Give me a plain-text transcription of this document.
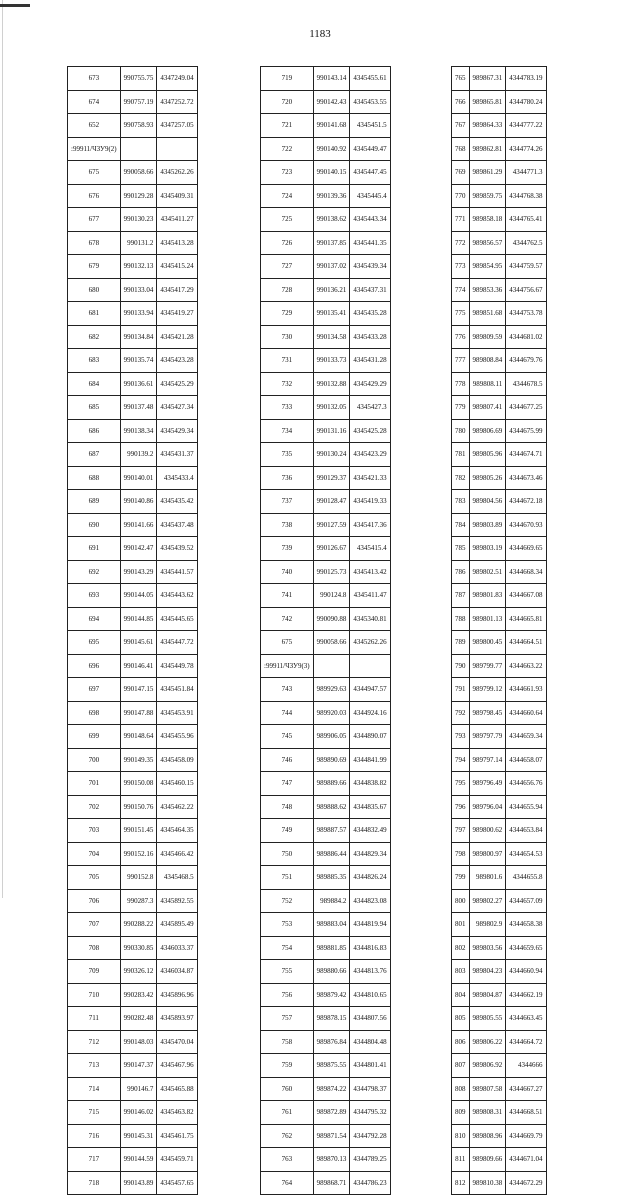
1183
673	990755.75	4347249.04
674	990757.19	4347252.72
652	990758.93	4347257.05
:99911/ЧЗУ9(2)		
675	990058.66	4345262.26
676	990129.28	4345409.31
677	990130.23	4345411.27
678	990131.2	4345413.28
679	990132.13	4345415.24
680	990133.04	4345417.29
681	990133.94	4345419.27
682	990134.84	4345421.28
683	990135.74	4345423.28
684	990136.61	4345425.29
685	990137.48	4345427.34
686	990138.34	4345429.34
687	990139.2	4345431.37
688	990140.01	4345433.4
689	990140.86	4345435.42
690	990141.66	4345437.48
691	990142.47	4345439.52
692	990143.29	4345441.57
693	990144.05	4345443.62
694	990144.85	4345445.65
695	990145.61	4345447.72
696	990146.41	4345449.78
697	990147.15	4345451.84
698	990147.88	4345453.91
699	990148.64	4345455.96
700	990149.35	4345458.09
701	990150.08	4345460.15
702	990150.76	4345462.22
703	990151.45	4345464.35
704	990152.16	4345466.42
705	990152.8	4345468.5
706	990287.3	4345892.55
707	990288.22	4345895.49
708	990330.85	4346033.37
709	990326.12	4346034.87
710	990283.42	4345896.96
711	990282.48	4345893.97
712	990148.03	4345470.04
713	990147.37	4345467.96
714	990146.7	4345465.88
715	990146.02	4345463.82
716	990145.31	4345461.75
717	990144.59	4345459.71
718	990143.89	4345457.65
719	990143.14	4345455.61
720	990142.43	4345453.55
721	990141.68	4345451.5
722	990140.92	4345449.47
723	990140.15	4345447.45
724	990139.36	4345445.4
725	990138.62	4345443.34
726	990137.85	4345441.35
727	990137.02	4345439.34
728	990136.21	4345437.31
729	990135.41	4345435.28
730	990134.58	4345433.28
731	990133.73	4345431.28
732	990132.88	4345429.29
733	990132.05	4345427.3
734	990131.16	4345425.28
735	990130.24	4345423.29
736	990129.37	4345421.33
737	990128.47	4345419.33
738	990127.59	4345417.36
739	990126.67	4345415.4
740	990125.73	4345413.42
741	990124.8	4345411.47
742	990090.88	4345340.81
675	990058.66	4345262.26
:99911/ЧЗУ9(3)		
743	989929.63	4344947.57
744	989920.03	4344924.16
745	989906.05	4344890.07
746	989890.69	4344841.99
747	989889.66	4344838.82
748	989888.62	4344835.67
749	989887.57	4344832.49
750	989886.44	4344829.34
751	989885.35	4344826.24
752	989884.2	4344823.08
753	989883.04	4344819.94
754	989881.85	4344816.83
755	989880.66	4344813.76
756	989879.42	4344810.65
757	989878.15	4344807.56
758	989876.84	4344804.48
759	989875.55	4344801.41
760	989874.22	4344798.37
761	989872.89	4344795.32
762	989871.54	4344792.28
763	989870.13	4344789.25
764	989868.71	4344786.23
765	989867.31	4344783.19
766	989865.81	4344780.24
767	989864.33	4344777.22
768	989862.81	4344774.26
769	989861.29	4344771.3
770	989859.75	4344768.38
771	989858.18	4344765.41
772	989856.57	4344762.5
773	989854.95	4344759.57
774	989853.36	4344756.67
775	989851.68	4344753.78
776	989809.59	4344681.02
777	989808.84	4344679.76
778	989808.11	4344678.5
779	989807.41	4344677.25
780	989806.69	4344675.99
781	989805.96	4344674.71
782	989805.26	4344673.46
783	989804.56	4344672.18
784	989803.89	4344670.93
785	989803.19	4344669.65
786	989802.51	4344668.34
787	989801.83	4344667.08
788	989801.13	4344665.81
789	989800.45	4344664.51
790	989799.77	4344663.22
791	989799.12	4344661.93
792	989798.45	4344660.64
793	989797.79	4344659.34
794	989797.14	4344658.07
795	989796.49	4344656.76
796	989796.04	4344655.94
797	989800.62	4344653.84
798	989800.97	4344654.53
799	989801.6	4344655.8
800	989802.27	4344657.09
801	989802.9	4344658.38
802	989803.56	4344659.65
803	989804.23	4344660.94
804	989804.87	4344662.19
805	989805.55	4344663.45
806	989806.22	4344664.72
807	989806.92	4344666
808	989807.58	4344667.27
809	989808.31	4344668.51
810	989808.96	4344669.79
811	989809.66	4344671.04
812	989810.38	4344672.29
